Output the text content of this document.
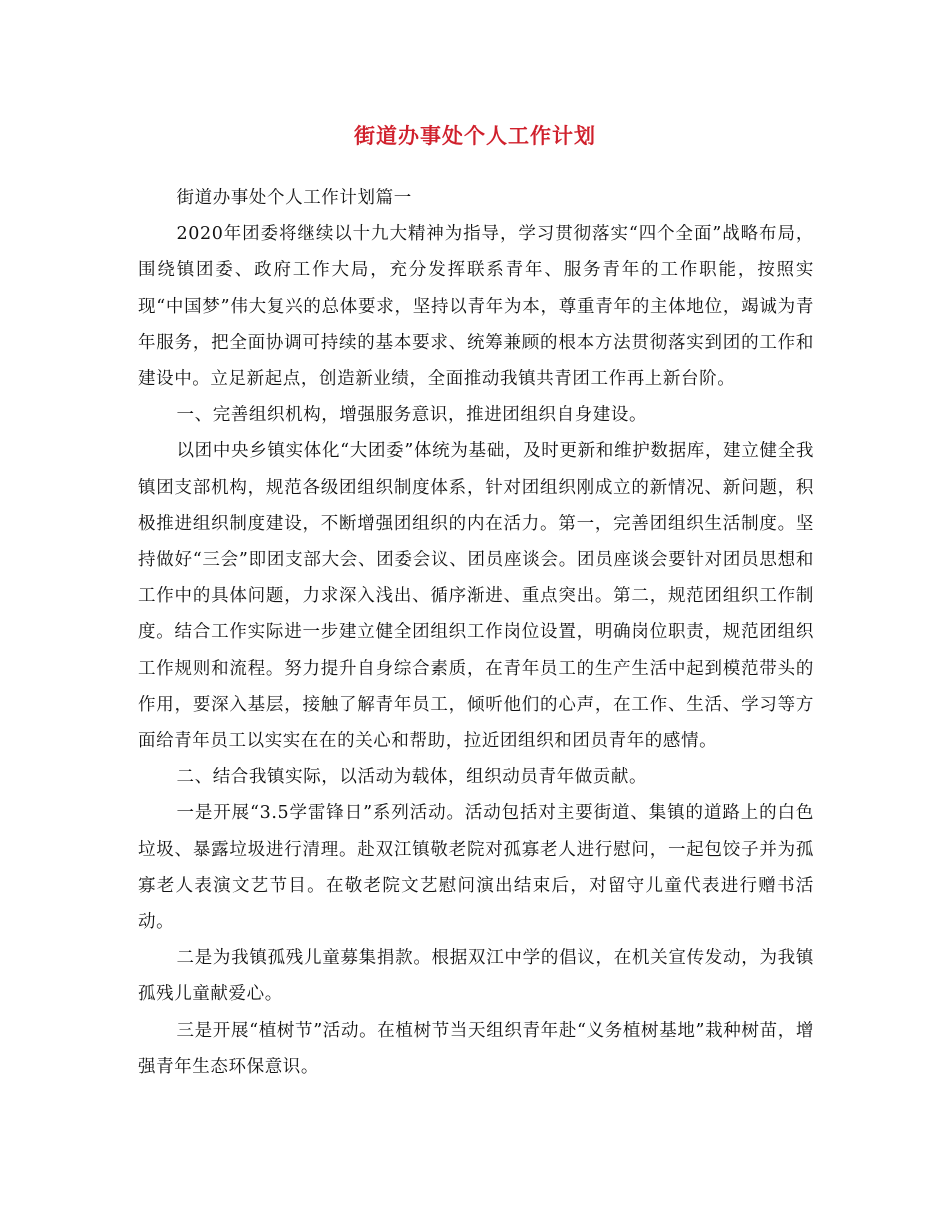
街道办事处个人工作计划

街道办事处个人工作计划篇一

2020年团委将继续以十九大精神为指导，学习贯彻落实“四个全面”战略布局，围绕镇团委、政府工作大局，充分发挥联系青年、服务青年的工作职能，按照实现“中国梦”伟大复兴的总体要求，坚持以青年为本，尊重青年的主体地位，竭诚为青年服务，把全面协调可持续的基本要求、统筹兼顾的根本方法贯彻落实到团的工作和建设中。立足新起点，创造新业绩，全面推动我镇共青团工作再上新台阶。

一、完善组织机构，增强服务意识，推进团组织自身建设。

以团中央乡镇实体化“大团委”体统为基础，及时更新和维护数据库，建立健全我镇团支部机构，规范各级团组织制度体系，针对团组织刚成立的新情况、新问题，积极推进组织制度建设，不断增强团组织的内在活力。第一，完善团组织生活制度。坚持做好“三会”即团支部大会、团委会议、团员座谈会。团员座谈会要针对团员思想和工作中的具体问题，力求深入浅出、循序渐进、重点突出。第二，规范团组织工作制度。结合工作实际进一步建立健全团组织工作岗位设置，明确岗位职责，规范团组织工作规则和流程。努力提升自身综合素质，在青年员工的生产生活中起到模范带头的作用，要深入基层，接触了解青年员工，倾听他们的心声，在工作、生活、学习等方面给青年员工以实实在在的关心和帮助，拉近团组织和团员青年的感情。

二、结合我镇实际，以活动为载体，组织动员青年做贡献。

一是开展“3.5学雷锋日”系列活动。活动包括对主要街道、集镇的道路上的白色垃圾、暴露垃圾进行清理。赴双江镇敬老院对孤寡老人进行慰问，一起包饺子并为孤寡老人表演文艺节目。在敬老院文艺慰问演出结束后，对留守儿童代表进行赠书活动。

二是为我镇孤残儿童募集捐款。根据双江中学的倡议，在机关宣传发动，为我镇孤残儿童献爱心。

三是开展“植树节”活动。在植树节当天组织青年赴“义务植树基地”栽种树苗，增强青年生态环保意识。
